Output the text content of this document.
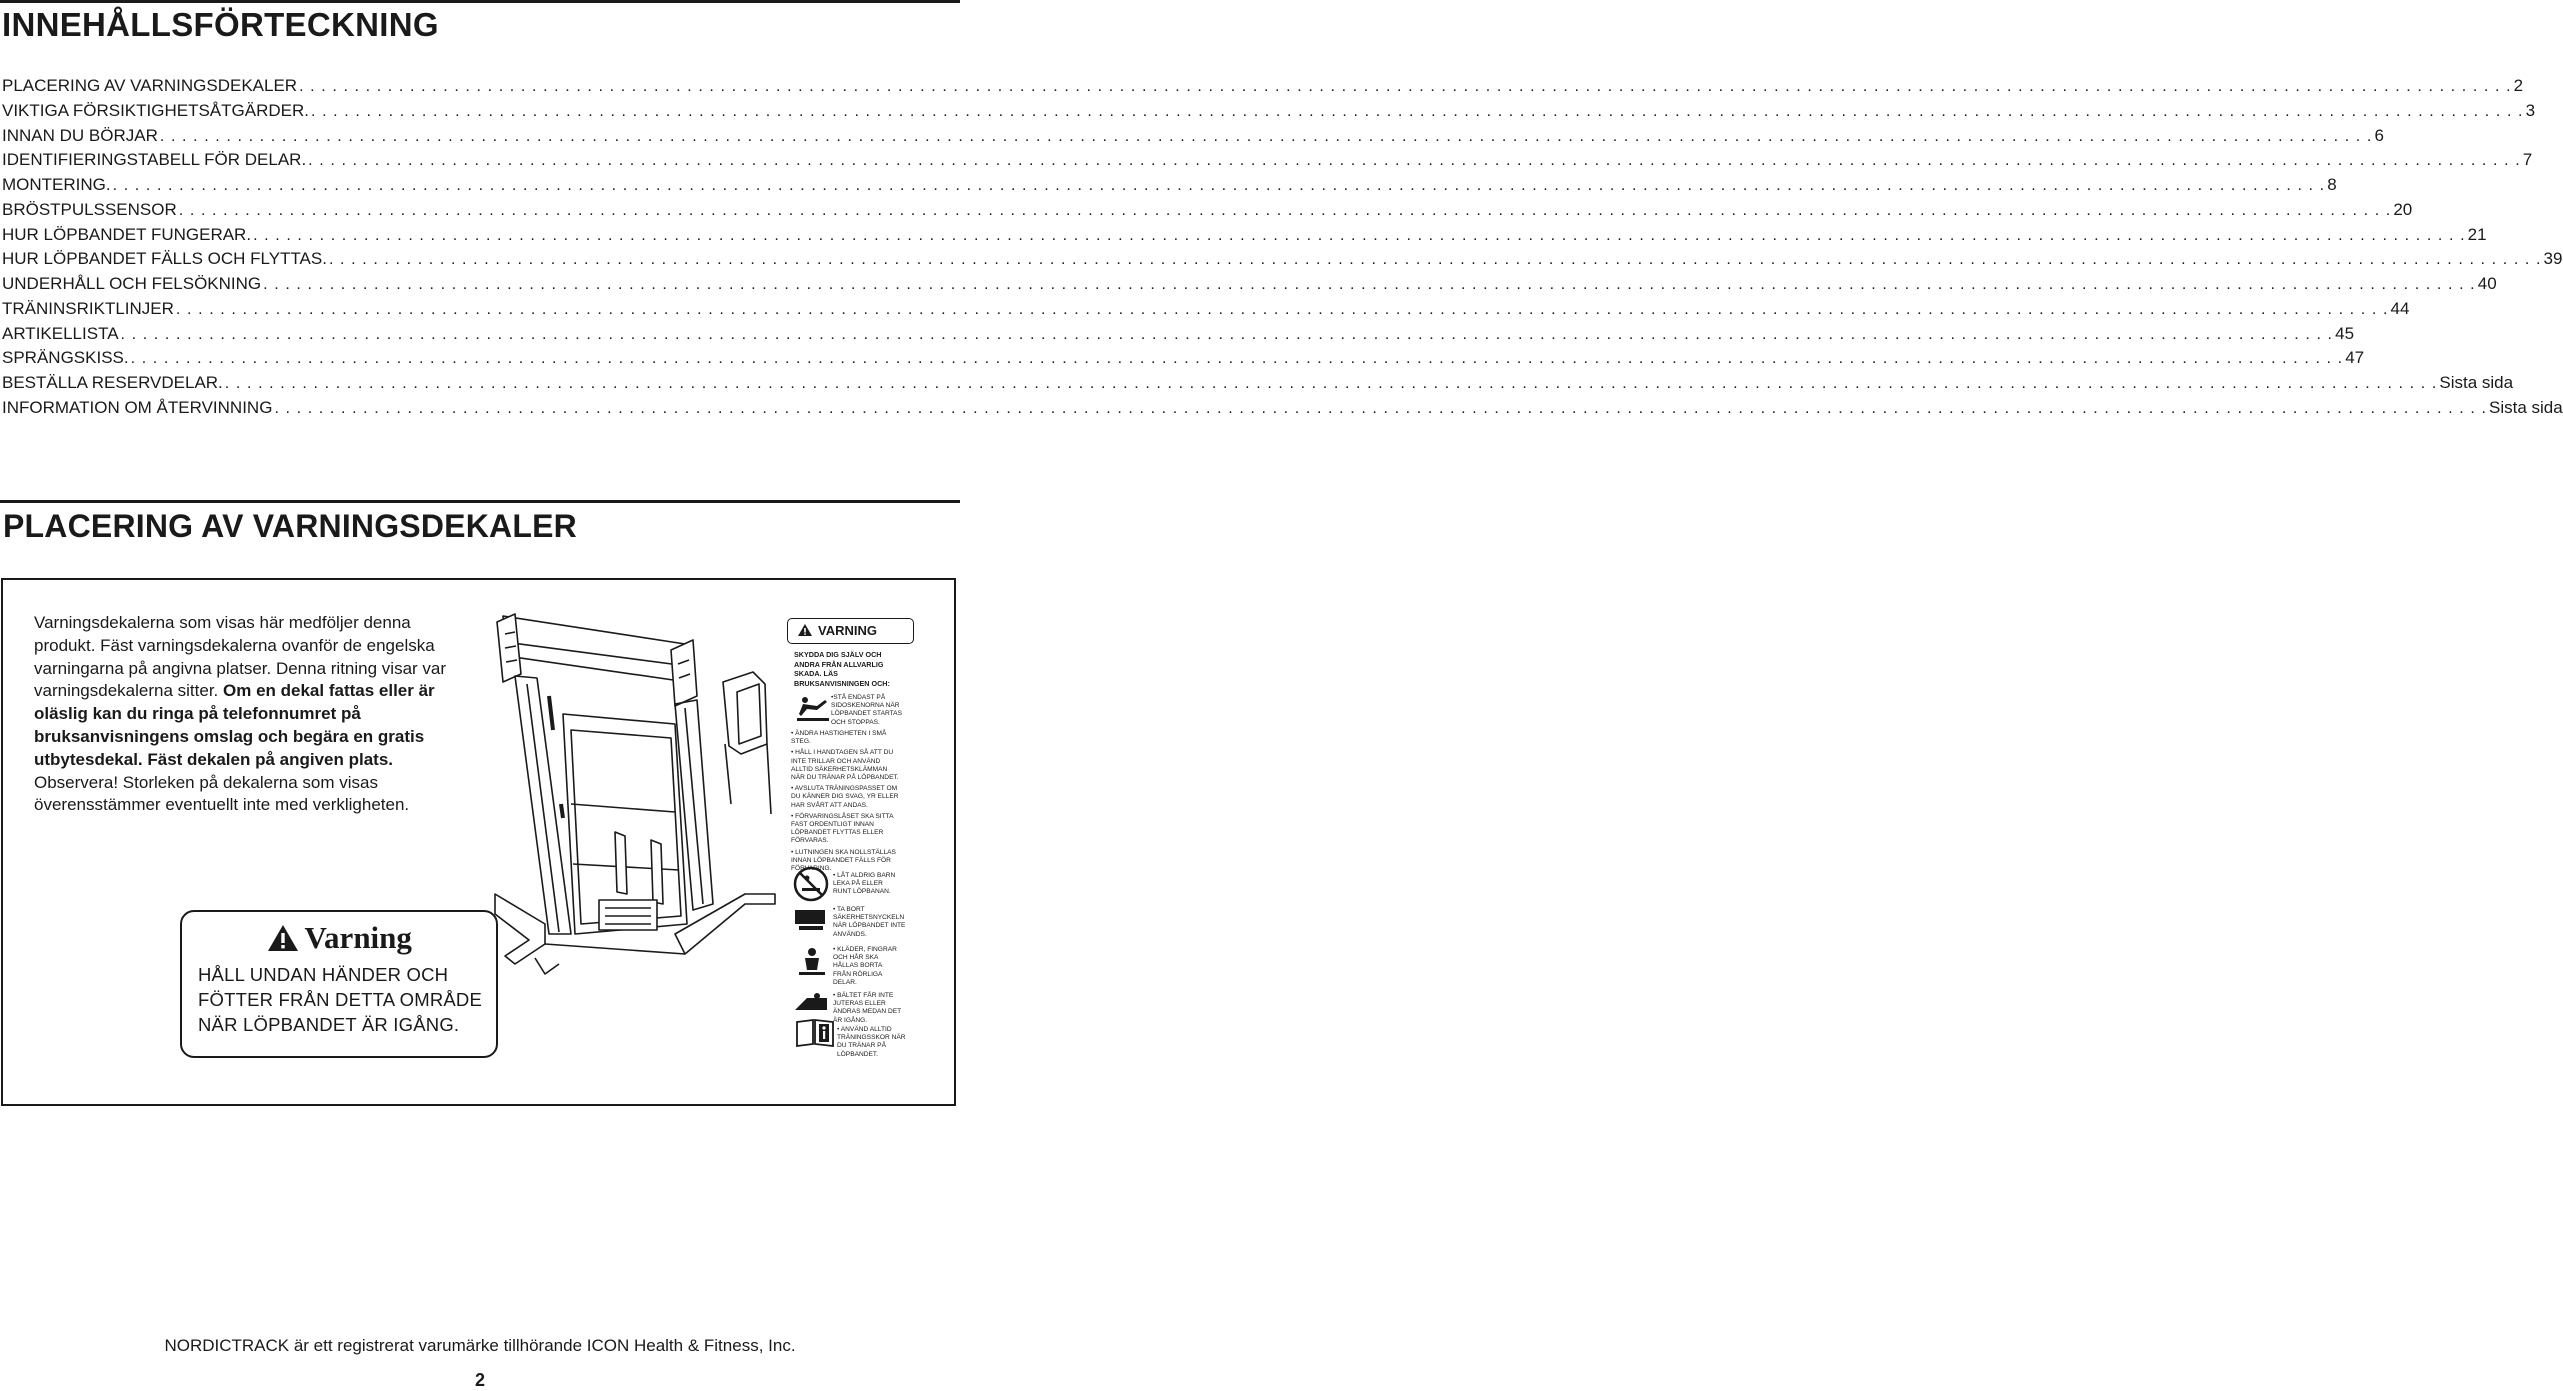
INNEHÅLLSFÖRTECKNING
PLACERING AV VARNINGSDEKALER . . . . . . . . . . . . . . . . . . . . . . . . . . . . . . . . . . . . . . . . . . . . . . . . . . . . . . . . . . . . . . . . . . . . . . . . . . . . . . . . . . . . . . . . . . . . . . . . . . . . . . . . . . . . . . . . . . . . . . . . . . . . . . . . . . . . . . . . . . . . . . . . . . . . . . . . . . . . . . . . . . . . . . . . . . . . . . . . . . . . . . . . . . . . . . . . . . . . . . . . 2
VIKTIGA FÖRSIKTIGHETSÅTGÄRDER. . . . . . . . . . . . . . . . . . . . . . . . . . . . . . . . . . . . . . . . . . . . . . . . . . . . . . . . . . . . . . . . . . . . . . . . . . . . . . . . . . . . . . . . . . . . . . . . . . . . . . . . . . . . . . . . . . . . . . . . . . . . . . . . . . . . . . . . . . . . . . . . . . . . . . . . . . . . . . . . . . . . . . . . . . . . . . . . . . . . . . . . . . . . . . . . . . . . . . . . . 3
INNAN DU BÖRJAR . . . . . . . . . . . . . . . . . . . . . . . . . . . . . . . . . . . . . . . . . . . . . . . . . . . . . . . . . . . . . . . . . . . . . . . . . . . . . . . . . . . . . . . . . . . . . . . . . . . . . . . . . . . . . . . . . . . . . . . . . . . . . . . . . . . . . . . . . . . . . . . . . . . . . . . . . . . . . . . . . . . . . . . . . . . . . . . . . . . . . . . . . . . . . . . . . . . . . . . . 6
IDENTIFIERINGSTABELL FÖR DELAR. . . . . . . . . . . . . . . . . . . . . . . . . . . . . . . . . . . . . . . . . . . . . . . . . . . . . . . . . . . . . . . . . . . . . . . . . . . . . . . . . . . . . . . . . . . . . . . . . . . . . . . . . . . . . . . . . . . . . . . . . . . . . . . . . . . . . . . . . . . . . . . . . . . . . . . . . . . . . . . . . . . . . . . . . . . . . . . . . . . . . . . . . . . . . . . . . . . . . . . . . 7
MONTERING. . . . . . . . . . . . . . . . . . . . . . . . . . . . . . . . . . . . . . . . . . . . . . . . . . . . . . . . . . . . . . . . . . . . . . . . . . . . . . . . . . . . . . . . . . . . . . . . . . . . . . . . . . . . . . . . . . . . . . . . . . . . . . . . . . . . . . . . . . . . . . . . . . . . . . . . . . . . . . . . . . . . . . . . . . . . . . . . . . . . . . . . . . . . . . . . . . . . . . . . . 8
BRÖSTPULSSENSOR . . . . . . . . . . . . . . . . . . . . . . . . . . . . . . . . . . . . . . . . . . . . . . . . . . . . . . . . . . . . . . . . . . . . . . . . . . . . . . . . . . . . . . . . . . . . . . . . . . . . . . . . . . . . . . . . . . . . . . . . . . . . . . . . . . . . . . . . . . . . . . . . . . . . . . . . . . . . . . . . . . . . . . . . . . . . . . . . . . . . . . . . . . . . . . . . . . . . . . . . 20
HUR LÖPBANDET FUNGERAR. . . . . . . . . . . . . . . . . . . . . . . . . . . . . . . . . . . . . . . . . . . . . . . . . . . . . . . . . . . . . . . . . . . . . . . . . . . . . . . . . . . . . . . . . . . . . . . . . . . . . . . . . . . . . . . . . . . . . . . . . . . . . . . . . . . . . . . . . . . . . . . . . . . . . . . . . . . . . . . . . . . . . . . . . . . . . . . . . . . . . . . . . . . . . . . . . . . . . . . . . 21
HUR LÖPBANDET FÄLLS OCH FLYTTAS. . . . . . . . . . . . . . . . . . . . . . . . . . . . . . . . . . . . . . . . . . . . . . . . . . . . . . . . . . . . . . . . . . . . . . . . . . . . . . . . . . . . . . . . . . . . . . . . . . . . . . . . . . . . . . . . . . . . . . . . . . . . . . . . . . . . . . . . . . . . . . . . . . . . . . . . . . . . . . . . . . . . . . . . . . . . . . . . . . . . . . . . . . . . . . . . . . . . . . . . . 39
UNDERHÅLL OCH FELSÖKNING . . . . . . . . . . . . . . . . . . . . . . . . . . . . . . . . . . . . . . . . . . . . . . . . . . . . . . . . . . . . . . . . . . . . . . . . . . . . . . . . . . . . . . . . . . . . . . . . . . . . . . . . . . . . . . . . . . . . . . . . . . . . . . . . . . . . . . . . . . . . . . . . . . . . . . . . . . . . . . . . . . . . . . . . . . . . . . . . . . . . . . . . . . . . . . . . . . . . . . . . 40
TRÄNINSRIKTLINJER . . . . . . . . . . . . . . . . . . . . . . . . . . . . . . . . . . . . . . . . . . . . . . . . . . . . . . . . . . . . . . . . . . . . . . . . . . . . . . . . . . . . . . . . . . . . . . . . . . . . . . . . . . . . . . . . . . . . . . . . . . . . . . . . . . . . . . . . . . . . . . . . . . . . . . . . . . . . . . . . . . . . . . . . . . . . . . . . . . . . . . . . . . . . . . . . . . . . . . . . 44
ARTIKELLISTA . . . . . . . . . . . . . . . . . . . . . . . . . . . . . . . . . . . . . . . . . . . . . . . . . . . . . . . . . . . . . . . . . . . . . . . . . . . . . . . . . . . . . . . . . . . . . . . . . . . . . . . . . . . . . . . . . . . . . . . . . . . . . . . . . . . . . . . . . . . . . . . . . . . . . . . . . . . . . . . . . . . . . . . . . . . . . . . . . . . . . . . . . . . . . . . . . . . . . . . . 45
SPRÄNGSKISS. . . . . . . . . . . . . . . . . . . . . . . . . . . . . . . . . . . . . . . . . . . . . . . . . . . . . . . . . . . . . . . . . . . . . . . . . . . . . . . . . . . . . . . . . . . . . . . . . . . . . . . . . . . . . . . . . . . . . . . . . . . . . . . . . . . . . . . . . . . . . . . . . . . . . . . . . . . . . . . . . . . . . . . . . . . . . . . . . . . . . . . . . . . . . . . . . . . . . . . . . 47
BESTÄLLA RESERVDELAR. . . . . . . . . . . . . . . . . . . . . . . . . . . . . . . . . . . . . . . . . . . . . . . . . . . . . . . . . . . . . . . . . . . . . . . . . . . . . . . . . . . . . . . . . . . . . . . . . . . . . . . . . . . . . . . . . . . . . . . . . . . . . . . . . . . . . . . . . . . . . . . . . . . . . . . . . . . . . . . . . . . . . . . . . . . . . . . . . . . . . . . . . . . . . . . . . . . . . . . . . Sista sida
INFORMATION OM ÅTERVINNING . . . . . . . . . . . . . . . . . . . . . . . . . . . . . . . . . . . . . . . . . . . . . . . . . . . . . . . . . . . . . . . . . . . . . . . . . . . . . . . . . . . . . . . . . . . . . . . . . . . . . . . . . . . . . . . . . . . . . . . . . . . . . . . . . . . . . . . . . . . . . . . . . . . . . . . . . . . . . . . . . . . . . . . . . . . . . . . . . . . . . . . . . . . . . . . . . . . . . . . . Sista sida
PLACERING AV VARNINGSDEKALER

Varningsdekalerna som visas här medföljer denna produkt. Fäst varningsdekalerna ovanför de engelska varningarna på angivna platser. Denna ritning visar var varningsdekalerna sitter. Om en dekal fattas eller är oläslig kan du ringa på telefonnumret på bruksanvisningens omslag och begära en gratis utbytesdekal. Fäst dekalen på angiven plats. Observera! Storleken på dekalerna som visas överensstämmer eventuellt inte med verkligheten.

Varning
HÅLL UNDAN HÄNDER OCH
FÖTTER FRÅN DETTA OMRÅDE
NÄR LÖPBANDET ÄR IGÅNG.
VARNING
SKYDDA DIG SJÄLV OCH
ANDRA FRÅN ALLVARLIG
SKADA. LÄS
BRUKSANVISNINGEN OCH:
•STÅ ENDAST PÅ
SIDOSKENORNA NÄR
LÖPBANDET STARTAS
OCH STOPPAS.
• ÄNDRA HASTIGHETEN I SMÅ
STEG.
• HÅLL I HANDTAGEN SÅ ATT DU
INTE TRILLAR OCH ANVÄND
ALLTID SÄKERHETSKLÄMMAN
NÄR DU TRÄNAR PÅ LÖPBANDET.
• AVSLUTA TRÄNINGSPASSET OM
DU KÄNNER DIG SVAG, YR ELLER
HAR SVÅRT ATT ANDAS.
• FÖRVARINGSLÅSET SKA SITTA
FAST ORDENTLIGT INNAN
LÖPBANDET FLYTTAS ELLER
FÖRVARAS.
• LUTNINGEN SKA NOLLSTÄLLAS
INNAN LÖPBANDET FÄLLS FÖR
FÖRVARING.
• LÅT ALDRIG BARN
LEKA PÅ ELLER
RUNT LÖPBANAN.
• TA BORT
SÄKERHETSNYCKELN
NÄR LÖPBANDET INTE
ANVÄNDS.
• KLÄDER, FINGRAR
OCH HÅR SKA
HÅLLAS BORTA
FRÅN RÖRLIGA
DELAR.
• BÄLTET FÅR INTE
JUTERAS ELLER
ÄNDRAS MEDAN DET
ÄR IGÅNG.
• ANVÄND ALLTID
TRÄNINGSSKOR NÄR
DU TRÄNAR PÅ
LÖPBANDET.
NORDICTRACK är ett registrerat varumärke tillhörande ICON Health & Fitness, Inc.
2
